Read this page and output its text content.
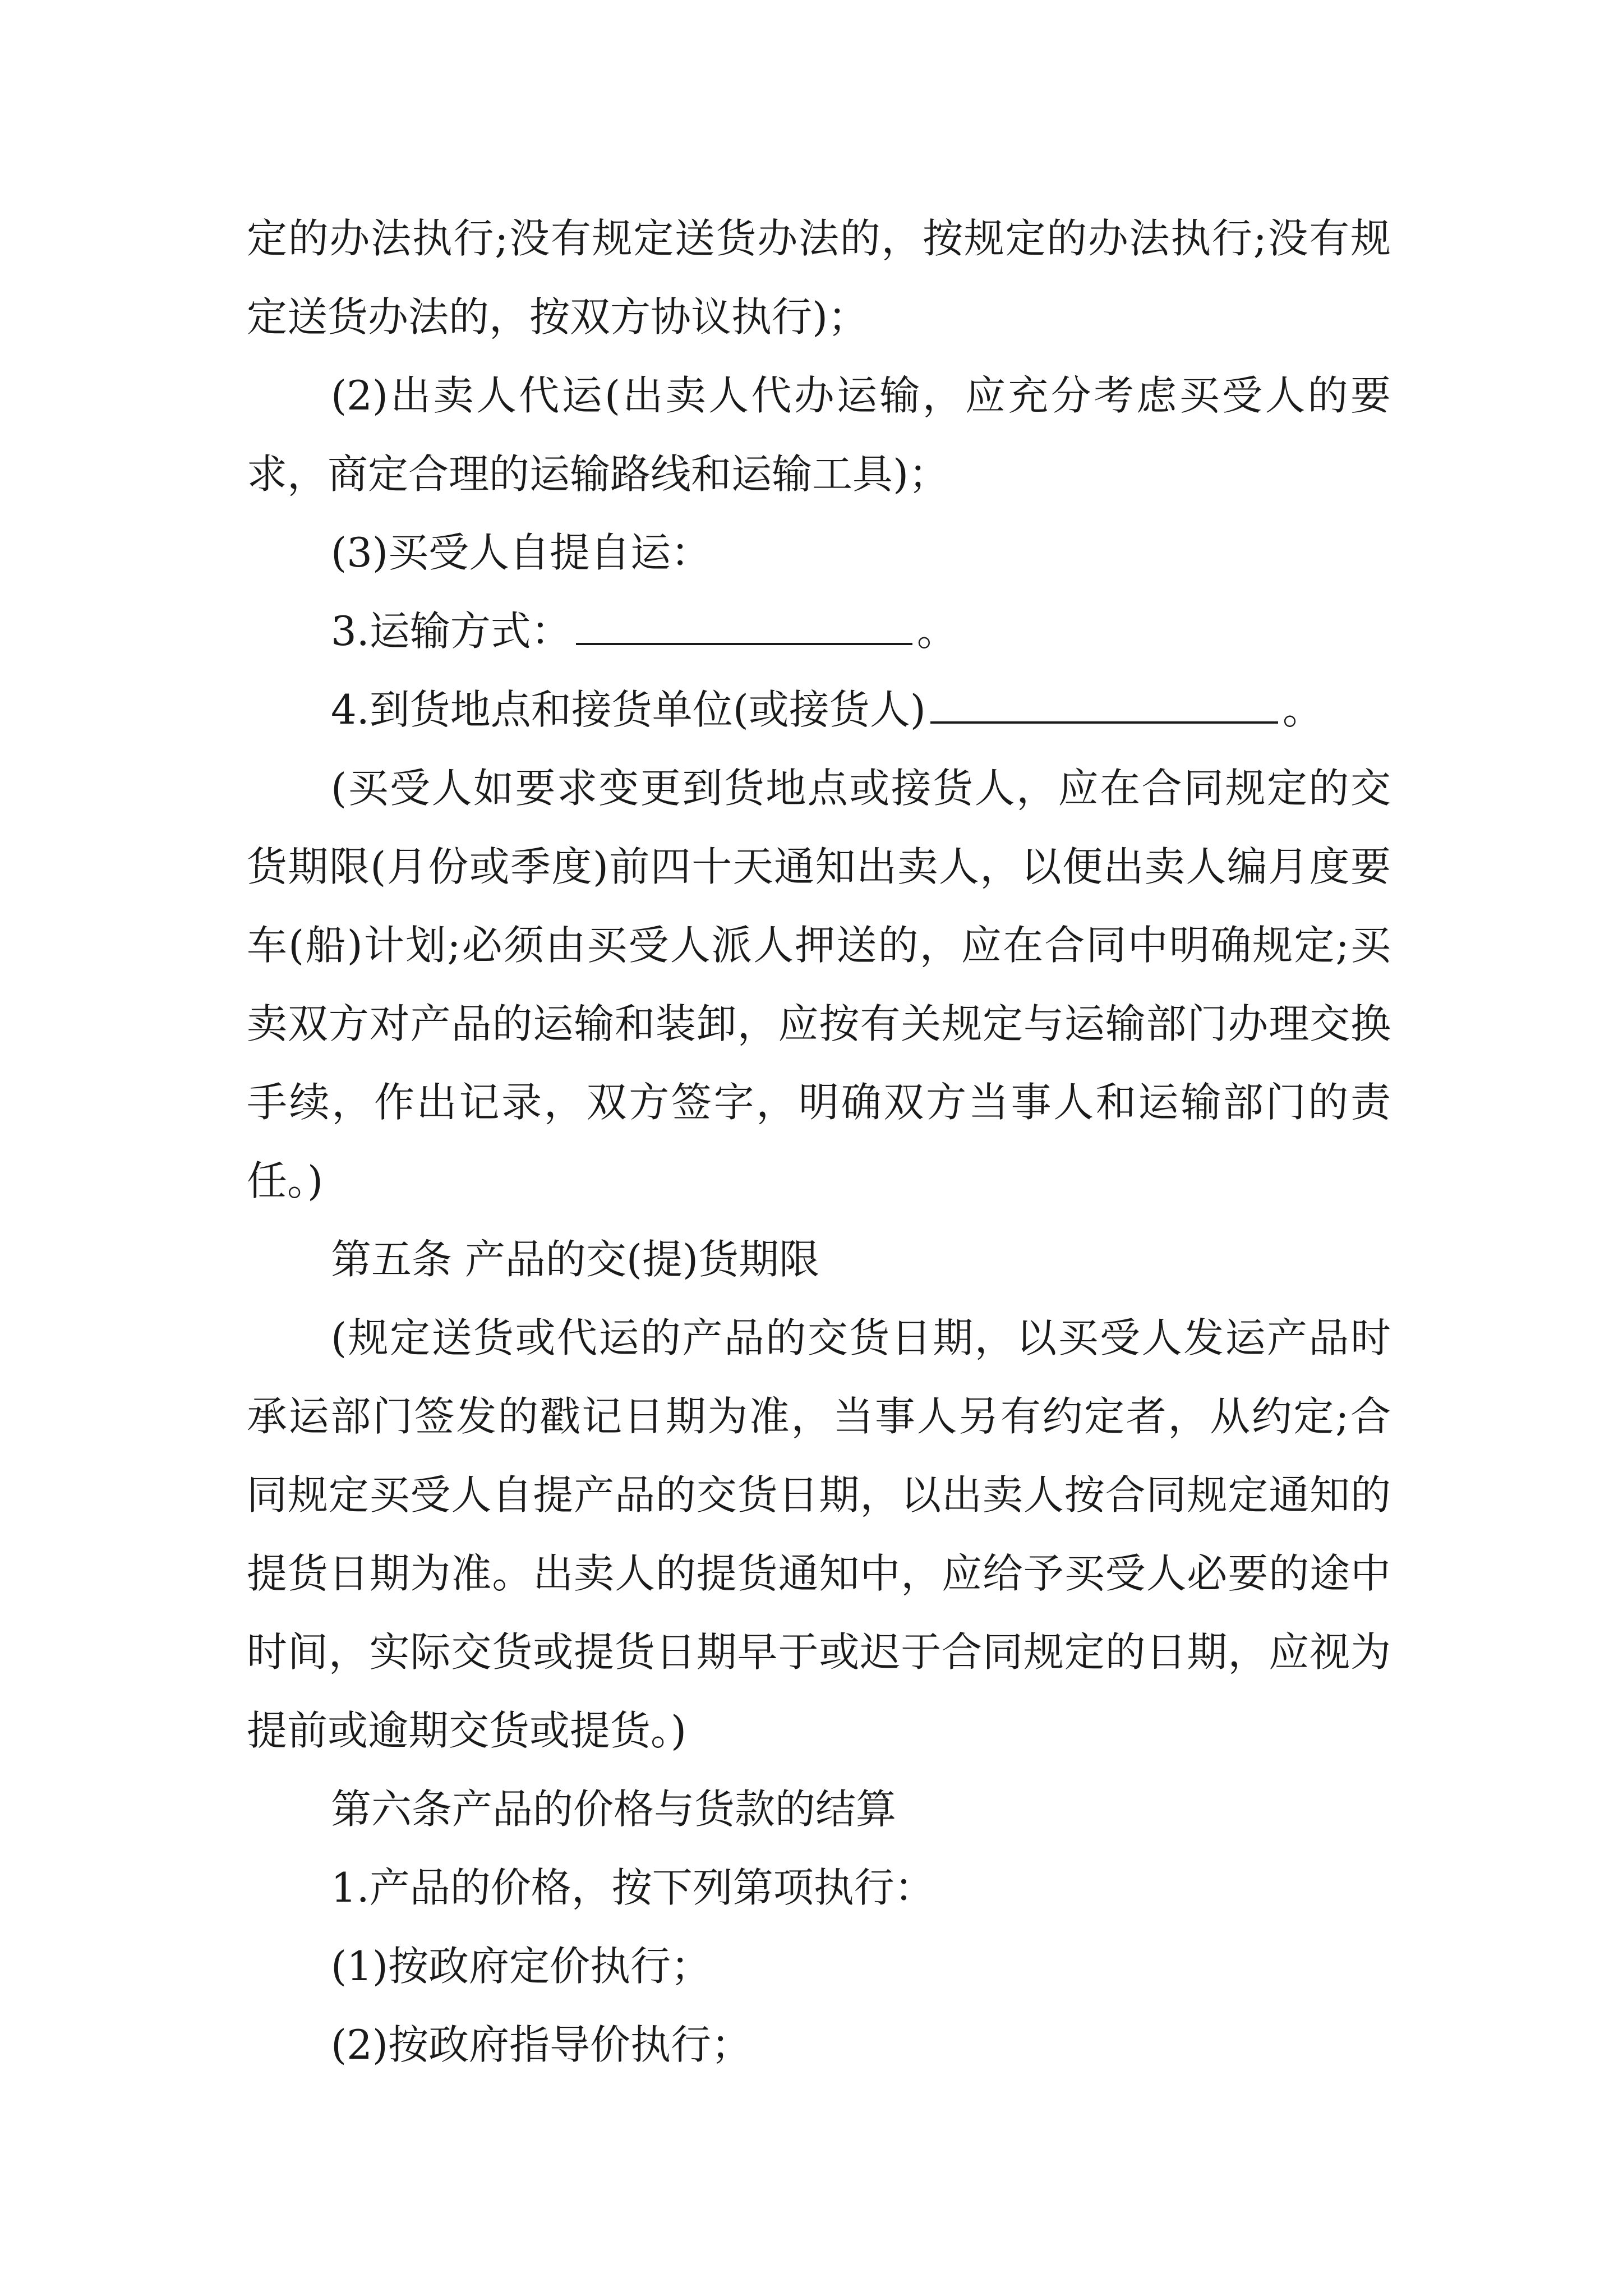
定的办法执行;没有规定送货办法的，按规定的办法执行;没有规定送货办法的，按双方协议执行)；

(2)出卖人代运(出卖人代办运输，应充分考虑买受人的要求，商定合理的运输路线和运输工具)；

(3)买受人自提自运：

3.运输方式：	。

4.到货地点和接货单位(或接货人)	。

(买受人如要求变更到货地点或接货人，应在合同规定的交货期限(月份或季度)前四十天通知出卖人，以便出卖人编月度要车(船)计划;必须由买受人派人押送的，应在合同中明确规定;买卖双方对产品的运输和装卸，应按有关规定与运输部门办理交换手续，作出记录，双方签字，明确双方当事人和运输部门的责任。)

第五条 产品的交(提)货期限

(规定送货或代运的产品的交货日期，以买受人发运产品时承运部门签发的戳记日期为准，当事人另有约定者，从约定;合同规定买受人自提产品的交货日期，以出卖人按合同规定通知的提货日期为准。出卖人的提货通知中，应给予买受人必要的途中时间，实际交货或提货日期早于或迟于合同规定的日期，应视为提前或逾期交货或提货。)

第六条产品的价格与货款的结算

1.产品的价格，按下列第项执行：

(1)按政府定价执行；

(2)按政府指导价执行；
